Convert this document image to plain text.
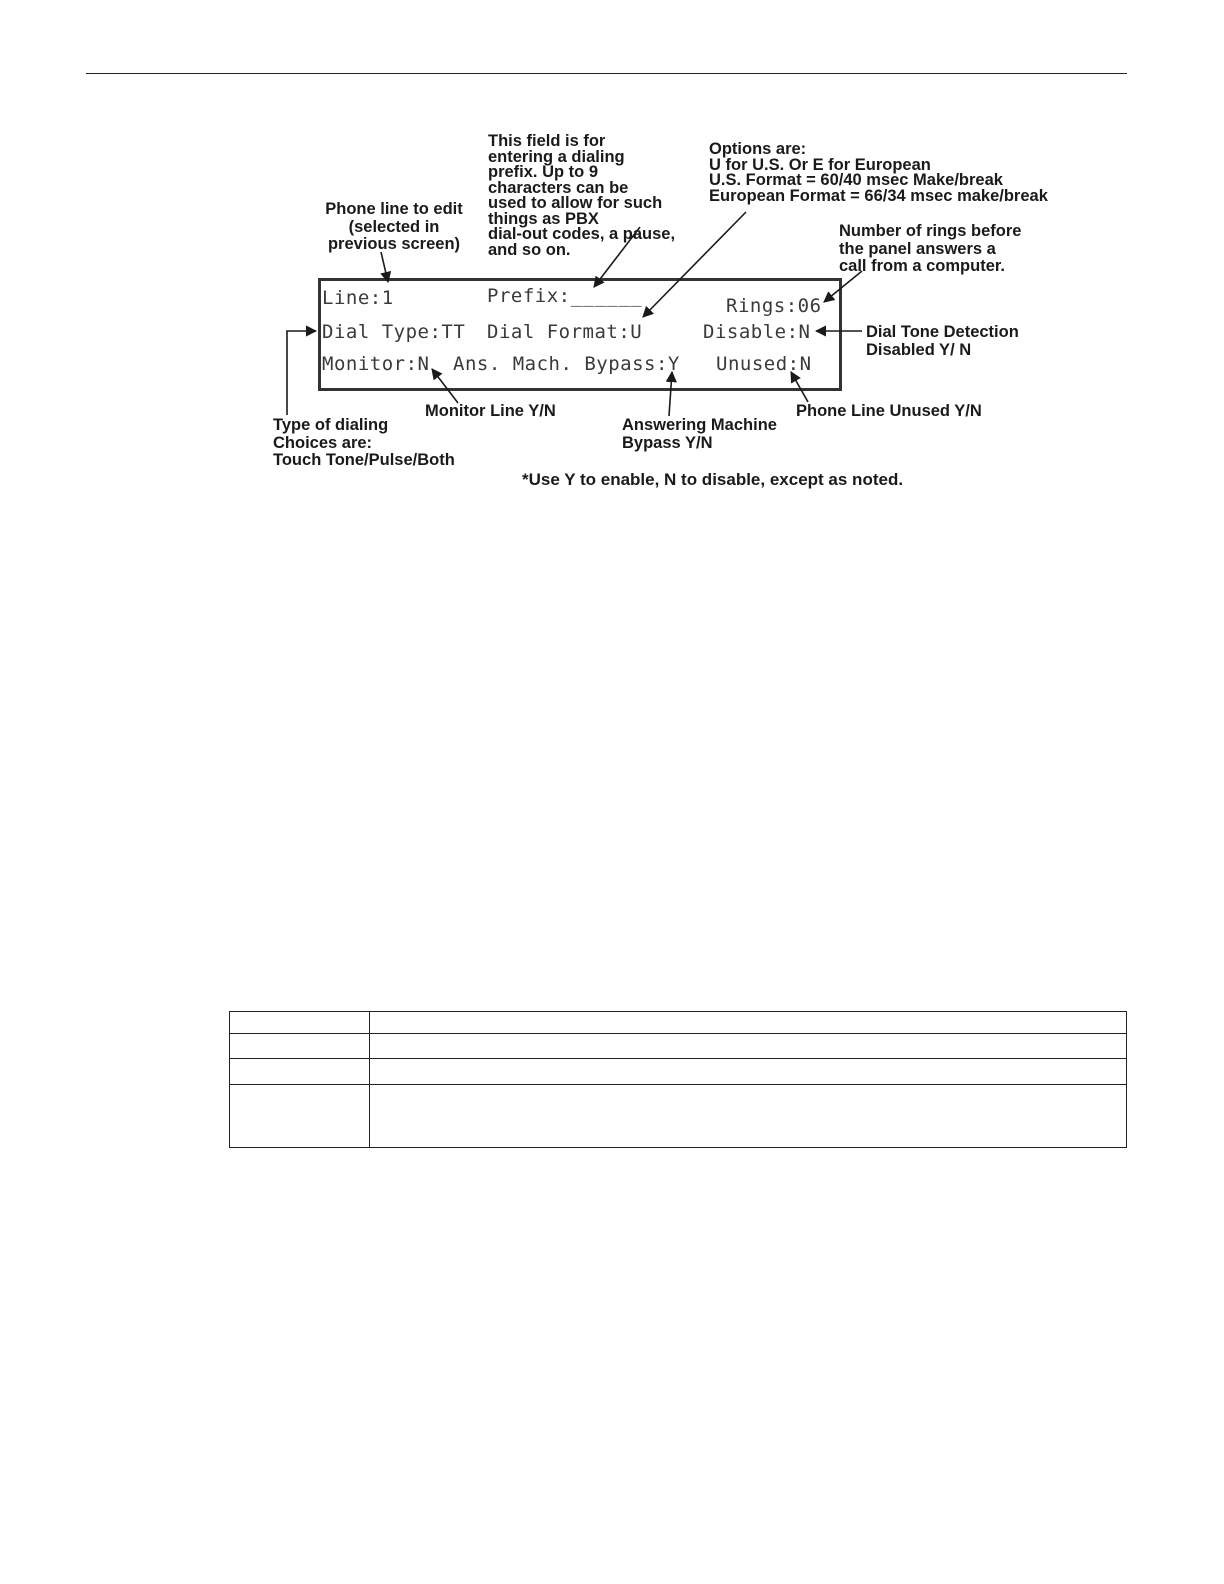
This field is for
entering a dialing
prefix. Up to 9
characters can be
used to allow for such
things as PBX
dial-out codes, a pause,
and so on.
Options are:
U for U.S. Or E for European
U.S. Format = 60/40 msec Make/break
European Format = 66/34 msec make/break
Phone line to edit
(selected in
previous screen)
Number of rings before
the panel answers a
call from a computer.
Dial Tone Detection
Disabled Y/ N
Type of dialing
Choices are:
Touch Tone/Pulse/Both
Monitor Line Y/N
Answering Machine
Bypass Y/N
Phone Line Unused Y/N
Line:1	Prefix:______	Rings:06
Dial Type:TT Dial Format:U	Disable:N
Monitor:N Ans. Mach. Bypass:Y Unused:N
*Use Y to enable, N to disable, except as noted.
